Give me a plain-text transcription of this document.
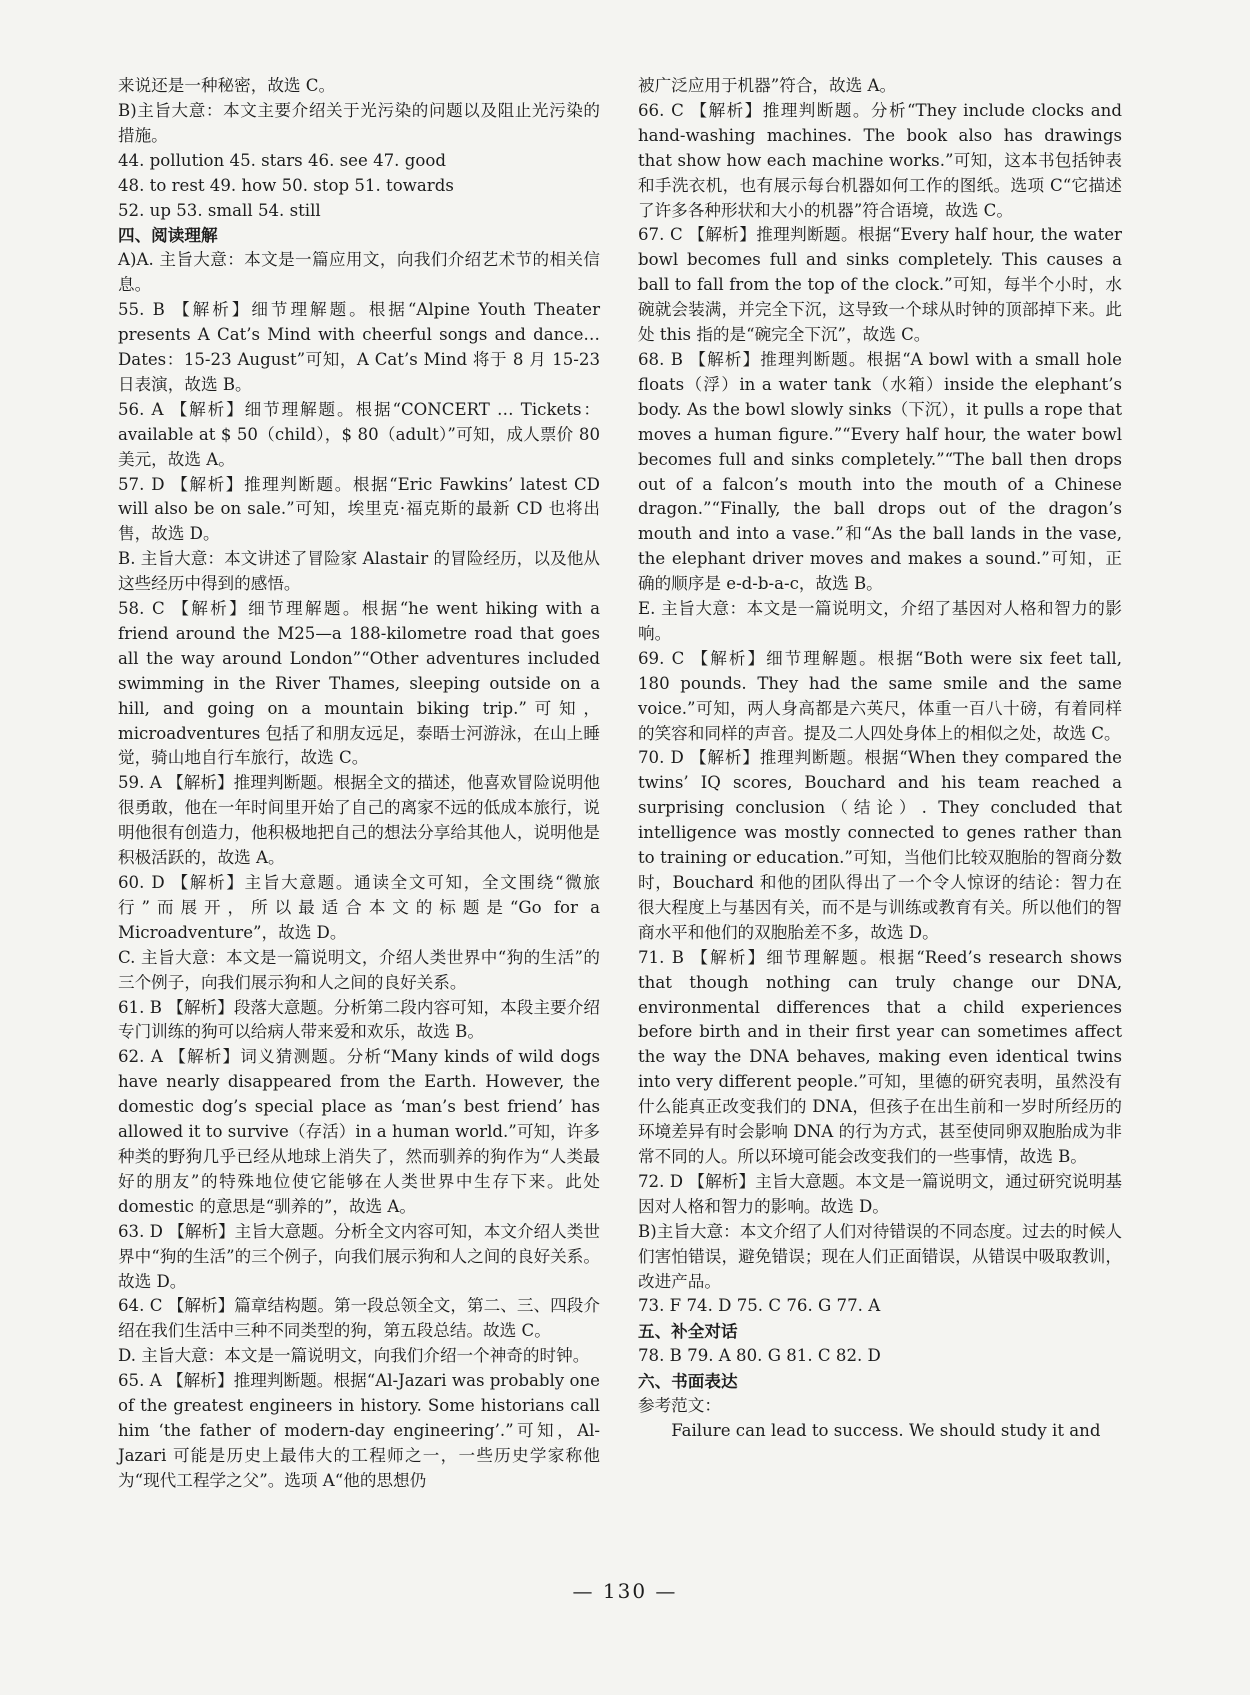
来说还是一种秘密，故选 C。

B)主旨大意：本文主要介绍关于光污染的问题以及阻止光污染的措施。

44. pollution 45. stars 46. see 47. good

48. to rest 49. how 50. stop 51. towards

52. up 53. small 54. still

四、阅读理解

A)A. 主旨大意：本文是一篇应用文，向我们介绍艺术节的相关信息。

55. B 【解析】细节理解题。根据“Alpine Youth Theater presents A Cat’s Mind with cheerful songs and dance… Dates：15-23 August”可知，A Cat’s Mind 将于 8 月 15-23 日表演，故选 B。

56. A 【解析】细节理解题。根据“CONCERT … Tickets：available at $ 50（child），$ 80（adult）”可知，成人票价 80 美元，故选 A。

57. D 【解析】推理判断题。根据“Eric Fawkins’ latest CD will also be on sale.”可知，埃里克·福克斯的最新 CD 也将出售，故选 D。

B. 主旨大意：本文讲述了冒险家 Alastair 的冒险经历，以及他从这些经历中得到的感悟。

58. C 【解析】细节理解题。根据“he went hiking with a friend around the M25—a 188-kilometre road that goes all the way around London”“Other adventures included swimming in the River Thames, sleeping outside on a hill, and going on a mountain biking trip.”可知，microadventures 包括了和朋友远足，泰晤士河游泳，在山上睡觉，骑山地自行车旅行，故选 C。

59. A 【解析】推理判断题。根据全文的描述，他喜欢冒险说明他很勇敢，他在一年时间里开始了自己的离家不远的低成本旅行，说明他很有创造力，他积极地把自己的想法分享给其他人，说明他是积极活跃的，故选 A。

60. D 【解析】主旨大意题。通读全文可知，全文围绕“微旅行”而展开，所以最适合本文的标题是“Go for a Microadventure”，故选 D。

C. 主旨大意：本文是一篇说明文，介绍人类世界中“狗的生活”的三个例子，向我们展示狗和人之间的良好关系。

61. B 【解析】段落大意题。分析第二段内容可知，本段主要介绍专门训练的狗可以给病人带来爱和欢乐，故选 B。

62. A 【解析】词义猜测题。分析“Many kinds of wild dogs have nearly disappeared from the Earth. However, the domestic dog’s special place as ‘man’s best friend’ has allowed it to survive（存活）in a human world.”可知，许多种类的野狗几乎已经从地球上消失了，然而驯养的狗作为“人类最好的朋友”的特殊地位使它能够在人类世界中生存下来。此处 domestic 的意思是“驯养的”，故选 A。

63. D 【解析】主旨大意题。分析全文内容可知，本文介绍人类世界中“狗的生活”的三个例子，向我们展示狗和人之间的良好关系。故选 D。

64. C 【解析】篇章结构题。第一段总领全文，第二、三、四段介绍在我们生活中三种不同类型的狗，第五段总结。故选 C。

D. 主旨大意：本文是一篇说明文，向我们介绍一个神奇的时钟。

65. A 【解析】推理判断题。根据“Al-Jazari was probably one of the greatest engineers in history. Some historians call him ‘the father of modern-day engineering’.”可知，Al-Jazari 可能是历史上最伟大的工程师之一，一些历史学家称他为“现代工程学之父”。选项 A“他的思想仍

被广泛应用于机器”符合，故选 A。

66. C 【解析】推理判断题。分析“They include clocks and hand-washing machines. The book also has drawings that show how each machine works.”可知，这本书包括钟表和手洗衣机，也有展示每台机器如何工作的图纸。选项 C“它描述了许多各种形状和大小的机器”符合语境，故选 C。

67. C 【解析】推理判断题。根据“Every half hour, the water bowl becomes full and sinks completely. This causes a ball to fall from the top of the clock.”可知，每半个小时，水碗就会装满，并完全下沉，这导致一个球从时钟的顶部掉下来。此处 this 指的是“碗完全下沉”，故选 C。

68. B 【解析】推理判断题。根据“A bowl with a small hole floats（浮）in a water tank（水箱）inside the elephant’s body. As the bowl slowly sinks（下沉），it pulls a rope that moves a human figure.”“Every half hour, the water bowl becomes full and sinks completely.”“The ball then drops out of a falcon’s mouth into the mouth of a Chinese dragon.”“Finally, the ball drops out of the dragon’s mouth and into a vase.”和“As the ball lands in the vase, the elephant driver moves and makes a sound.”可知，正确的顺序是 e-d-b-a-c，故选 B。

E. 主旨大意：本文是一篇说明文，介绍了基因对人格和智力的影响。

69. C 【解析】细节理解题。根据“Both were six feet tall, 180 pounds. They had the same smile and the same voice.”可知，两人身高都是六英尺，体重一百八十磅，有着同样的笑容和同样的声音。提及二人四处身体上的相似之处，故选 C。

70. D 【解析】推理判断题。根据“When they compared the twins’ IQ scores, Bouchard and his team reached a surprising conclusion（结论）. They concluded that intelligence was mostly connected to genes rather than to training or education.”可知，当他们比较双胞胎的智商分数时，Bouchard 和他的团队得出了一个令人惊讶的结论：智力在很大程度上与基因有关，而不是与训练或教育有关。所以他们的智商水平和他们的双胞胎差不多，故选 D。

71. B 【解析】细节理解题。根据“Reed’s research shows that though nothing can truly change our DNA, environmental differences that a child experiences before birth and in their first year can sometimes affect the way the DNA behaves, making even identical twins into very different people.”可知，里德的研究表明，虽然没有什么能真正改变我们的 DNA，但孩子在出生前和一岁时所经历的环境差异有时会影响 DNA 的行为方式，甚至使同卵双胞胎成为非常不同的人。所以环境可能会改变我们的一些事情，故选 B。

72. D 【解析】主旨大意题。本文是一篇说明文，通过研究说明基因对人格和智力的影响。故选 D。

B)主旨大意：本文介绍了人们对待错误的不同态度。过去的时候人们害怕错误，避免错误；现在人们正面错误，从错误中吸取教训，改进产品。

73. F 74. D 75. C 76. G 77. A

五、补全对话

78. B 79. A 80. G 81. C 82. D

六、书面表达

参考范文：

Failure can lead to success. We should study it and

— 130 —
